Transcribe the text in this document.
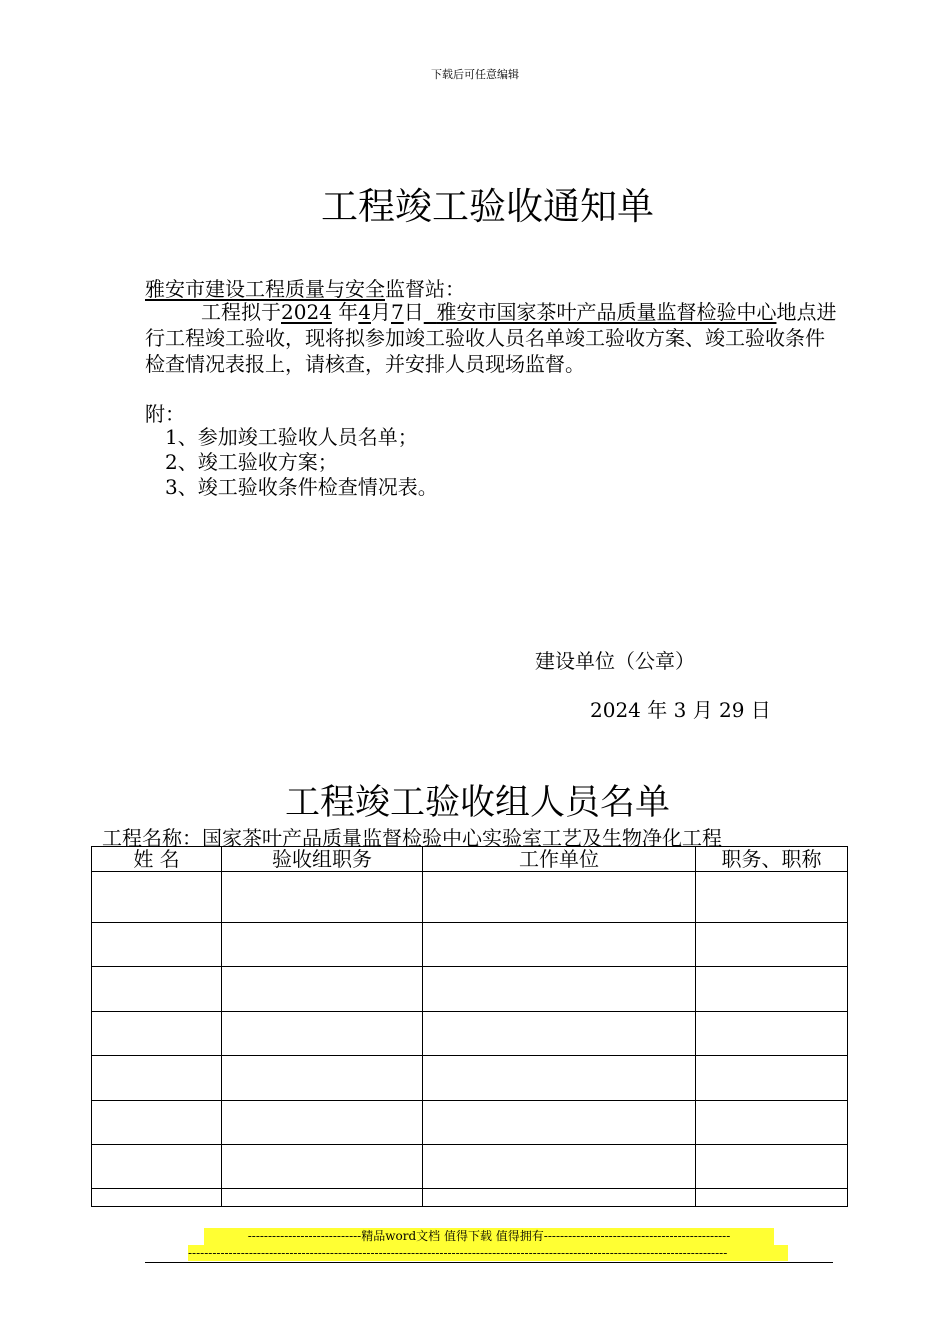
下载后可任意编辑
工程竣工验收通知单
雅安市建设工程质量与安全监督站：
工程拟于2024 年4月7日 雅安市国家茶叶产品质量监督检验中心地点进行工程竣工验收，现将拟参加竣工验收人员名单竣工验收方案、竣工验收条件检查情况表报上，请核查，并安排人员现场监督。
附：
1、参加竣工验收人员名单；
2、竣工验收方案；
3、竣工验收条件检查情况表。
建设单位（公章）
2024 年 3 月 29 日
工程竣工验收组人员名单
工程名称：国家茶叶产品质量监督检验中心实验室工艺及生物净化工程
姓 名	验收组职务	工作单位	职务、职称

----------------------------精品word文档 值得下载 值得拥有----------------------------------------------
-------------------------------------------------------------------------------------------------------------------------------------
